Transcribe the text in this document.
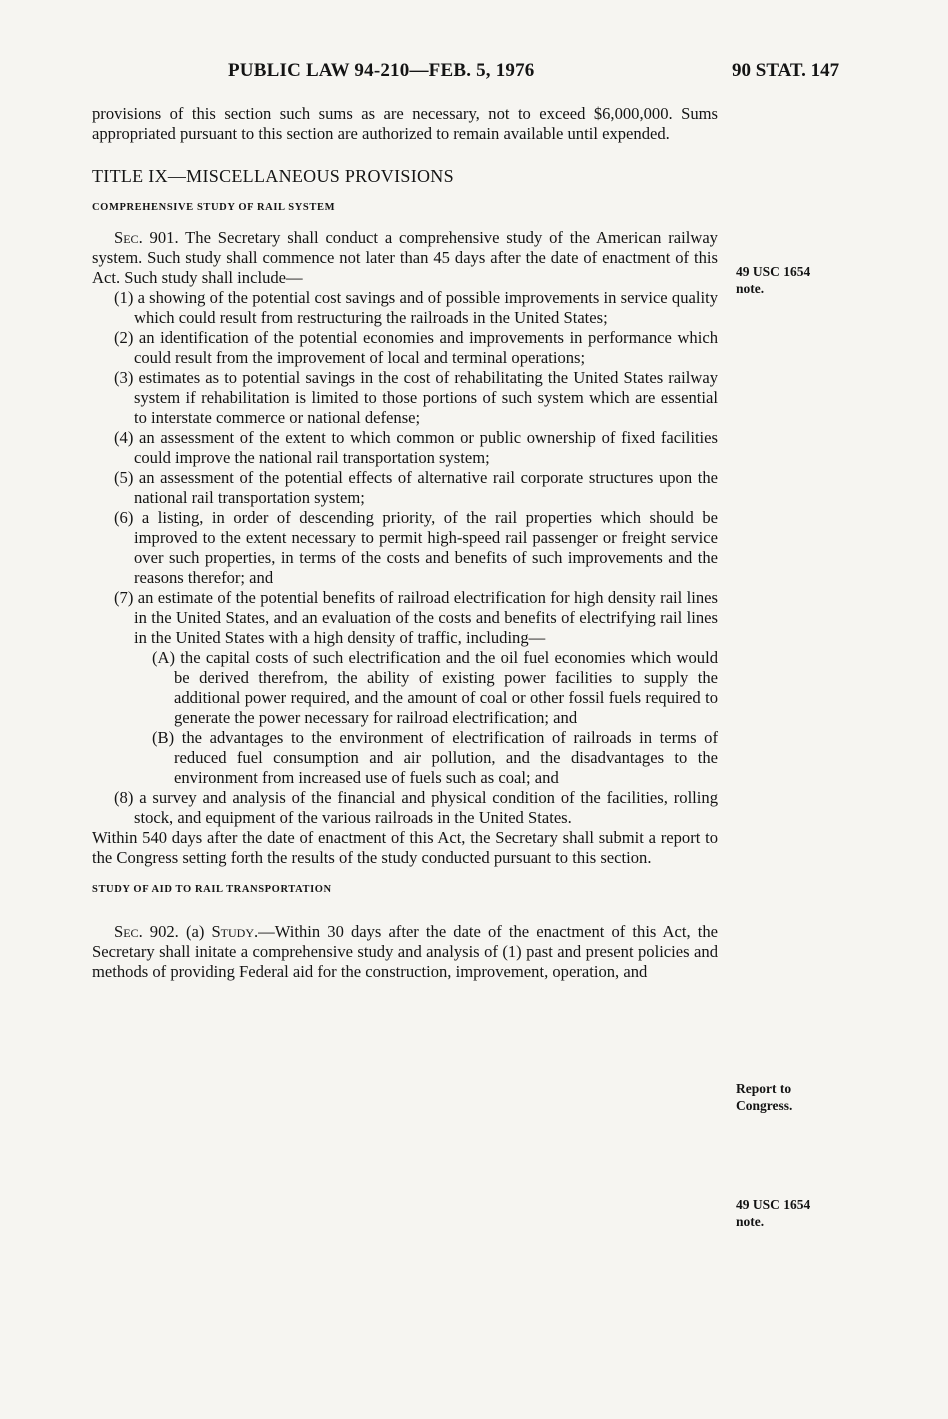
PUBLIC LAW 94-210—FEB. 5, 1976	90 STAT. 147

provisions of this section such sums as are necessary, not to exceed $6,000,000. Sums appropriated pursuant to this section are authorized to remain available until expended.

TITLE IX—MISCELLANEOUS PROVISIONS

COMPREHENSIVE STUDY OF RAIL SYSTEM

Sec. 901. The Secretary shall conduct a comprehensive study of the American railway system. Such study shall commence not later than 45 days after the date of enactment of this Act. Such study shall include—

(1) a showing of the potential cost savings and of possible improvements in service quality which could result from restructuring the railroads in the United States;

(2) an identification of the potential economies and improvements in performance which could result from the improvement of local and terminal operations;

(3) estimates as to potential savings in the cost of rehabilitating the United States railway system if rehabilitation is limited to those portions of such system which are essential to interstate commerce or national defense;

(4) an assessment of the extent to which common or public ownership of fixed facilities could improve the national rail transportation system;

(5) an assessment of the potential effects of alternative rail corporate structures upon the national rail transportation system;

(6) a listing, in order of descending priority, of the rail properties which should be improved to the extent necessary to permit high-speed rail passenger or freight service over such properties, in terms of the costs and benefits of such improvements and the reasons therefor; and

(7) an estimate of the potential benefits of railroad electrification for high density rail lines in the United States, and an evaluation of the costs and benefits of electrifying rail lines in the United States with a high density of traffic, including—

(A) the capital costs of such electrification and the oil fuel economies which would be derived therefrom, the ability of existing power facilities to supply the additional power required, and the amount of coal or other fossil fuels required to generate the power necessary for railroad electrification; and

(B) the advantages to the environment of electrification of railroads in terms of reduced fuel consumption and air pollution, and the disadvantages to the environment from increased use of fuels such as coal; and

(8) a survey and analysis of the financial and physical condition of the facilities, rolling stock, and equipment of the various railroads in the United States.

Within 540 days after the date of enactment of this Act, the Secretary shall submit a report to the Congress setting forth the results of the study conducted pursuant to this section.

STUDY OF AID TO RAIL TRANSPORTATION

Sec. 902. (a) Study.—Within 30 days after the date of the enactment of this Act, the Secretary shall initate a comprehensive study and analysis of (1) past and present policies and methods of providing Federal aid for the construction, improvement, operation, and

49 USC 1654
note.
Report to
Congress.
49 USC 1654
note.
